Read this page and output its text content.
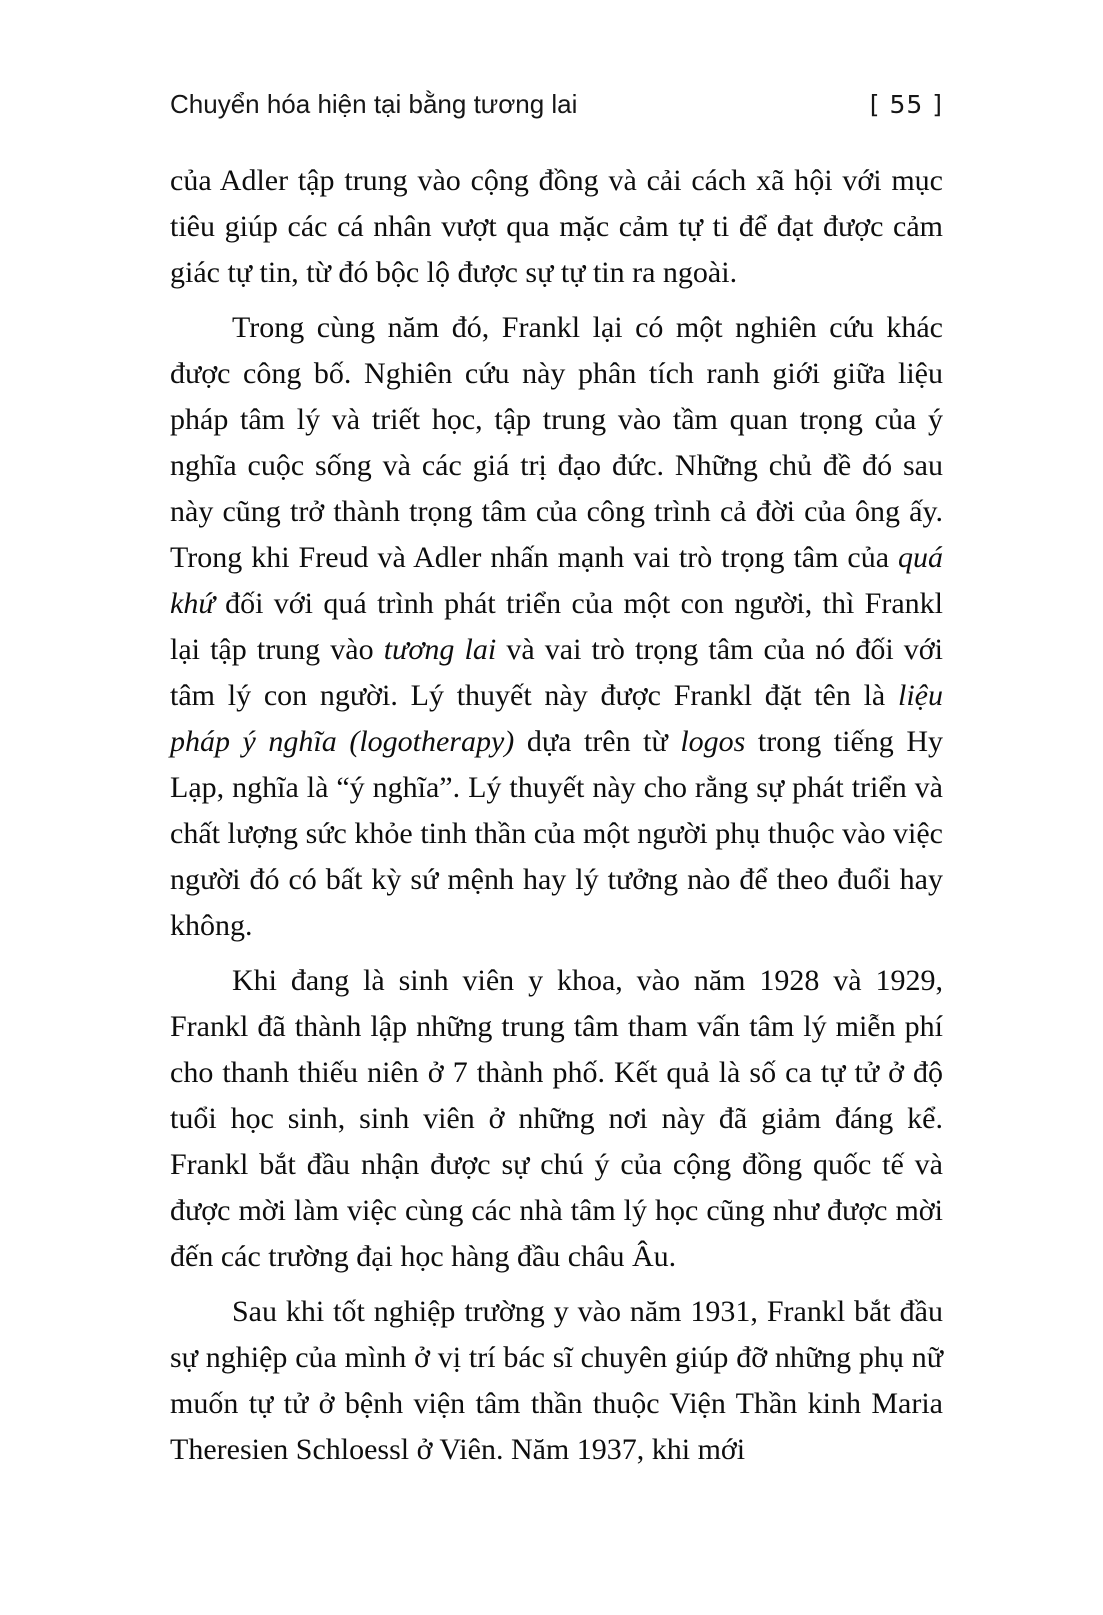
Chuyển hóa hiện tại bằng tương lai	[ 55 ]

của Adler tập trung vào cộng đồng và cải cách xã hội với mục tiêu giúp các cá nhân vượt qua mặc cảm tự ti để đạt được cảm giác tự tin, từ đó bộc lộ được sự tự tin ra ngoài.

Trong cùng năm đó, Frankl lại có một nghiên cứu khác được công bố. Nghiên cứu này phân tích ranh giới giữa liệu pháp tâm lý và triết học, tập trung vào tầm quan trọng của ý nghĩa cuộc sống và các giá trị đạo đức. Những chủ đề đó sau này cũng trở thành trọng tâm của công trình cả đời của ông ấy. Trong khi Freud và Adler nhấn mạnh vai trò trọng tâm của quá khứ đối với quá trình phát triển của một con người, thì Frankl lại tập trung vào tương lai và vai trò trọng tâm của nó đối với tâm lý con người. Lý thuyết này được Frankl đặt tên là liệu pháp ý nghĩa (logotherapy) dựa trên từ logos trong tiếng Hy Lạp, nghĩa là “ý nghĩa”. Lý thuyết này cho rằng sự phát triển và chất lượng sức khỏe tinh thần của một người phụ thuộc vào việc người đó có bất kỳ sứ mệnh hay lý tưởng nào để theo đuổi hay không.

Khi đang là sinh viên y khoa, vào năm 1928 và 1929, Frankl đã thành lập những trung tâm tham vấn tâm lý miễn phí cho thanh thiếu niên ở 7 thành phố. Kết quả là số ca tự tử ở độ tuổi học sinh, sinh viên ở những nơi này đã giảm đáng kể. Frankl bắt đầu nhận được sự chú ý của cộng đồng quốc tế và được mời làm việc cùng các nhà tâm lý học cũng như được mời đến các trường đại học hàng đầu châu Âu.

Sau khi tốt nghiệp trường y vào năm 1931, Frankl bắt đầu sự nghiệp của mình ở vị trí bác sĩ chuyên giúp đỡ những phụ nữ muốn tự tử ở bệnh viện tâm thần thuộc Viện Thần kinh Maria Theresien Schloessl ở Viên. Năm 1937, khi mới
